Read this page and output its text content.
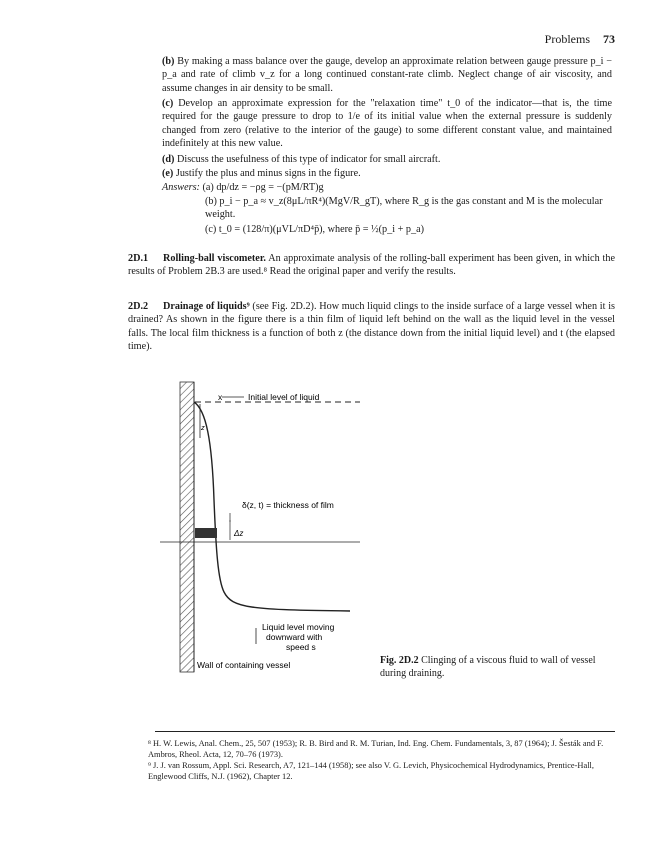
Problems 73
(b) By making a mass balance over the gauge, develop an approximate relation between gauge pressure p_i − p_a and rate of climb v_z for a long continued constant-rate climb. Neglect change of air viscosity, and assume changes in air density to be small.
(c) Develop an approximate expression for the "relaxation time" t_0 of the indicator—that is, the time required for the gauge pressure to drop to 1/e of its initial value when the external pressure is suddenly changed from zero (relative to the interior of the gauge) to some different constant value, and maintained indefinitely at this new value.
(d) Discuss the usefulness of this type of indicator for small aircraft.
(e) Justify the plus and minus signs in the figure.
Answers: (a) dp/dz = −ρg = −(pM/RT)g
(b) p_i − p_a ≈ v_z(8μL/πR⁴)(MgV/R_gT), where R_g is the gas constant and M is the molecular weight.
(c) t_0 = (128/π)(μVL/πD⁴p̄), where p̄ = ½(p_i + p_a)
2D.1 Rolling-ball viscometer. An approximate analysis of the rolling-ball experiment has been given, in which the results of Problem 2B.3 are used.⁸ Read the original paper and verify the results.
2D.2 Drainage of liquids⁹ (see Fig. 2D.2). How much liquid clings to the inside surface of a large vessel when it is drained? As shown in the figure there is a thin film of liquid left behind on the wall as the liquid level in the vessel falls. The local film thickness is a function of both z (the distance down from the initial liquid level) and t (the elapsed time).
x	Initial level of liquid
z
δ(z, t) = thickness of film
Δz
Liquid level moving
downward with
speed s
Wall of containing vessel	Fig. 2D.2 Clinging of a viscous fluid to wall of vessel during draining.
⁸ H. W. Lewis, Anal. Chem., 25, 507 (1953); R. B. Bird and R. M. Turian, Ind. Eng. Chem. Fundamentals, 3, 87 (1964); J. Šesták and F. Ambros, Rheol. Acta, 12, 70–76 (1973).
⁹ J. J. van Rossum, Appl. Sci. Research, A7, 121–144 (1958); see also V. G. Levich, Physicochemical Hydrodynamics, Prentice-Hall, Englewood Cliffs, N.J. (1962), Chapter 12.
